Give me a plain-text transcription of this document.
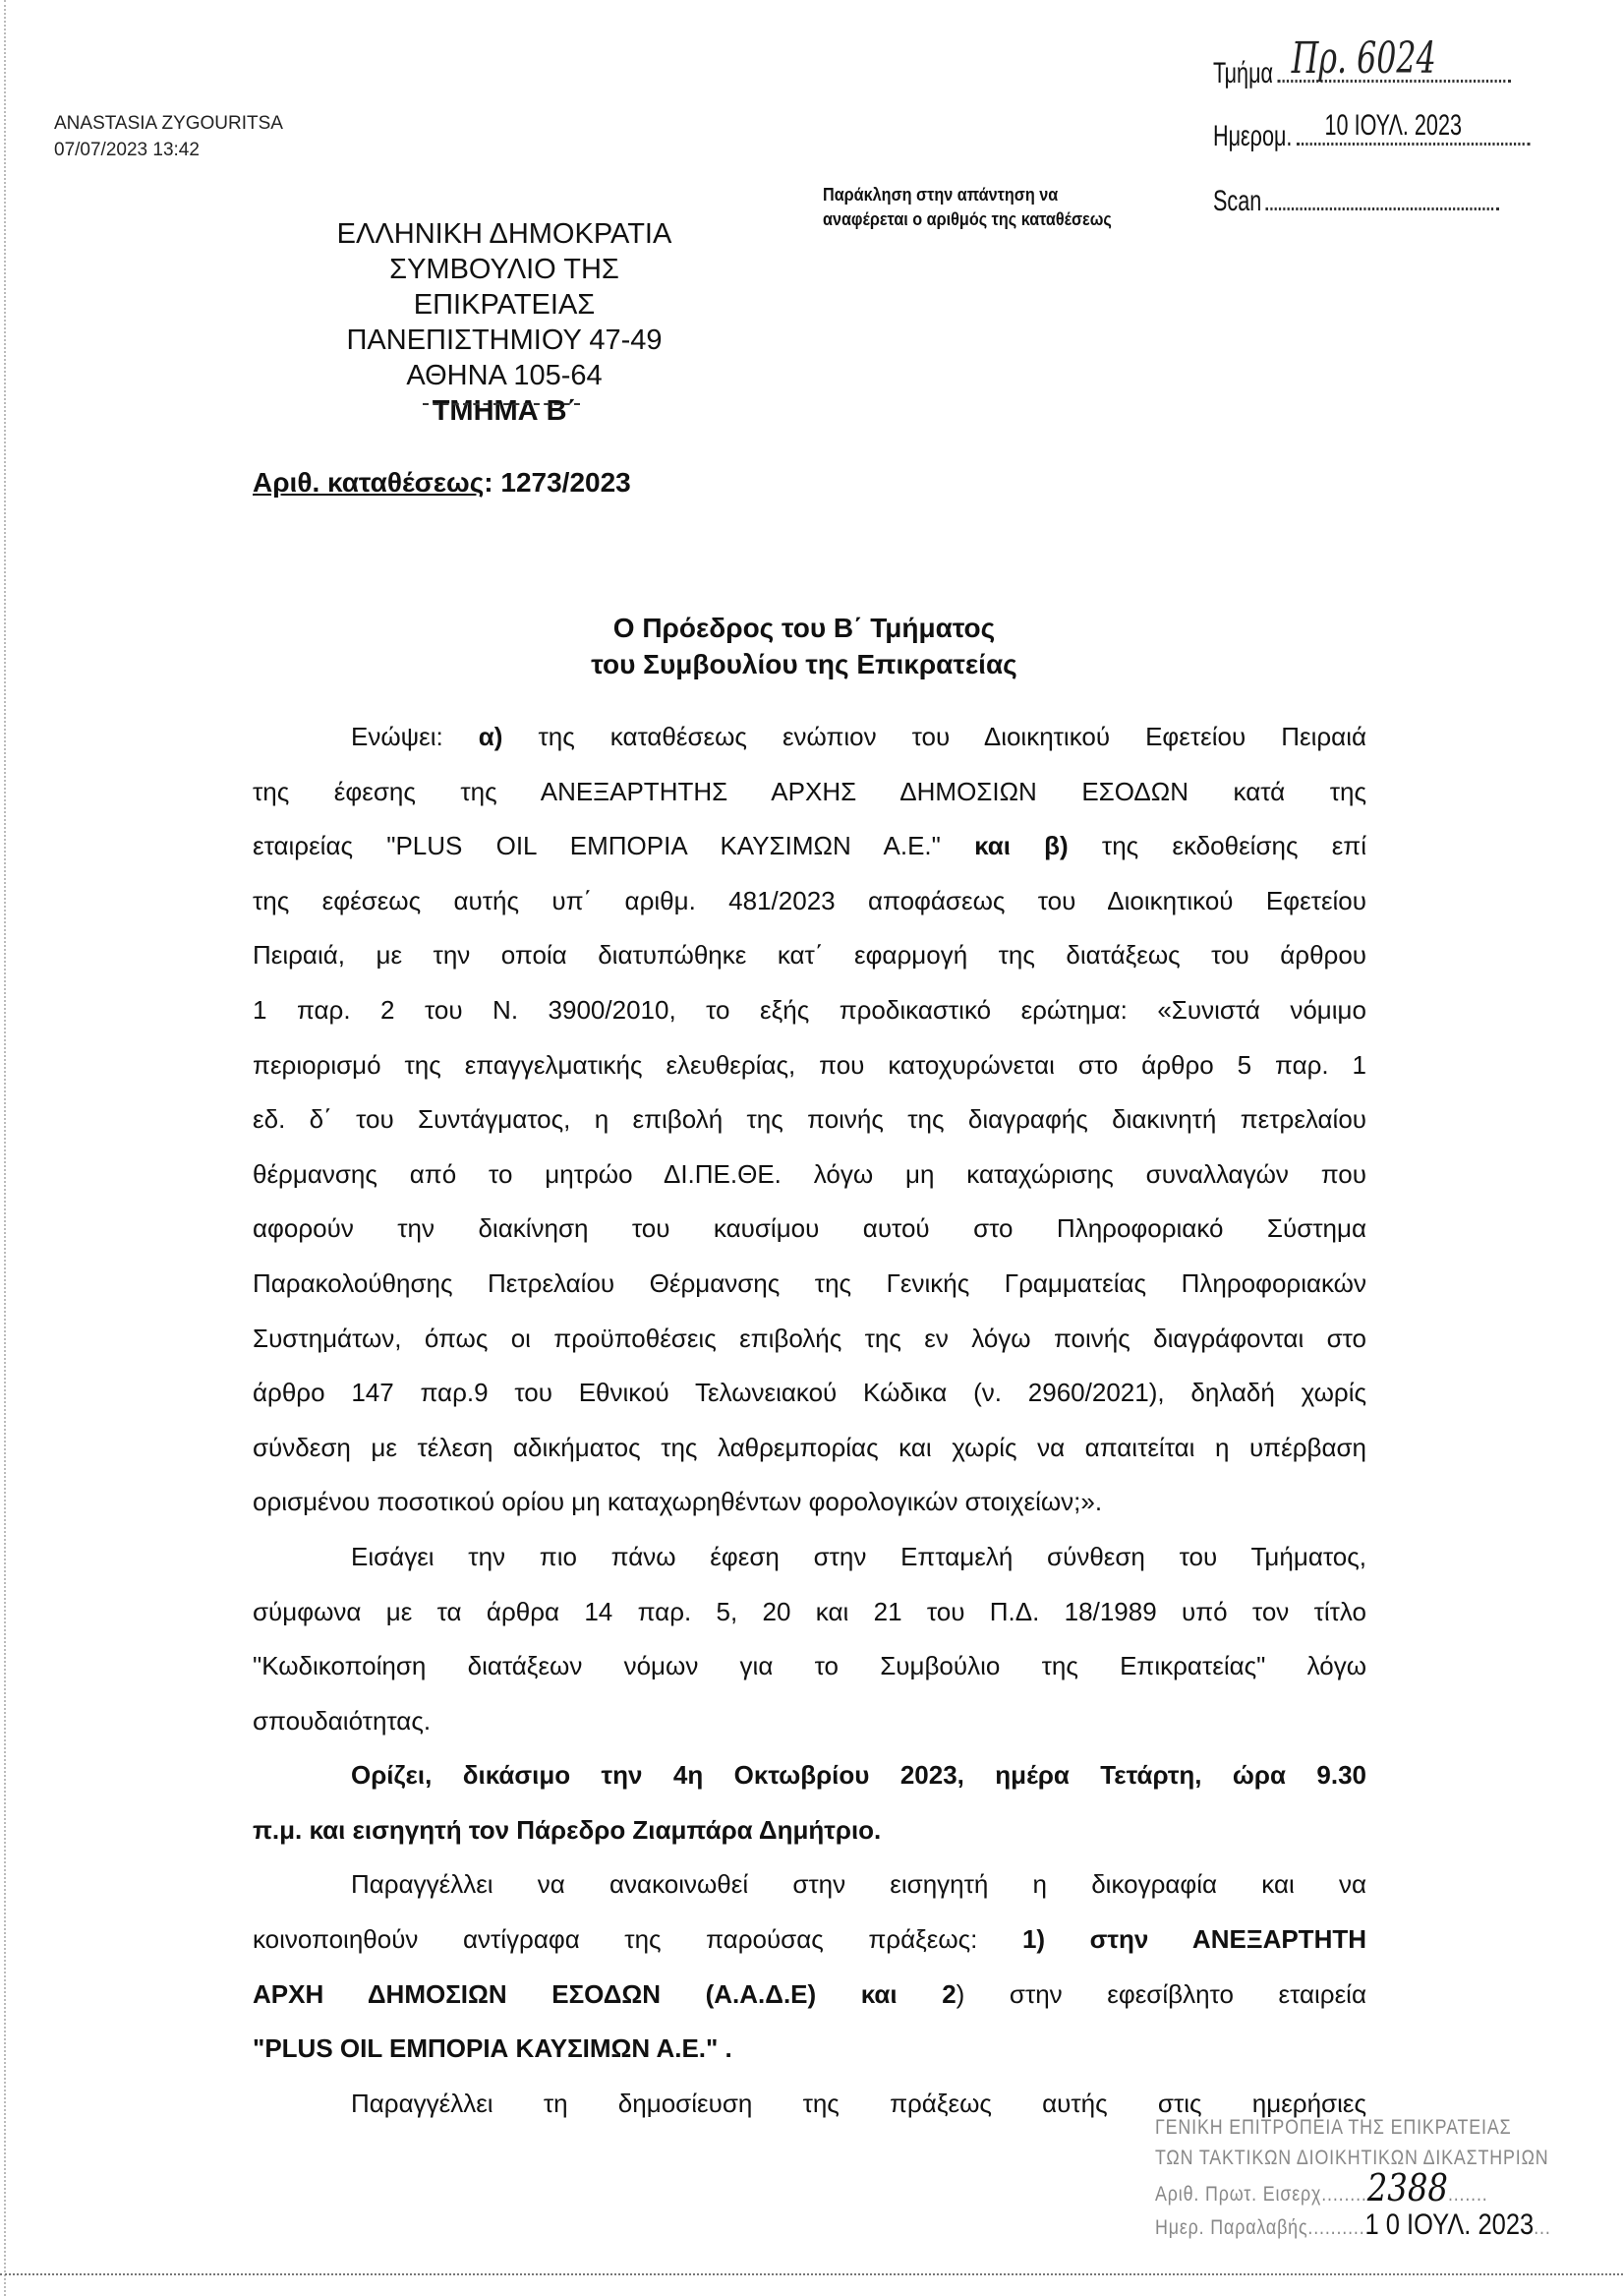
ANASTASIA ZYGOURITSA
07/07/2023 13:42
Παράκληση στην απάντηση να
αναφέρεται ο αριθμός της καταθέσεως
Τμήμα Πρ. 6024
Ημερομ. 10 ΙΟΥΛ. 2023
Scan
ΕΛΛΗΝΙΚΗ ΔΗΜΟΚΡΑΤΙΑ
ΣΥΜΒΟΥΛΙΟ ΤΗΣ ΕΠΙΚΡΑΤΕΙΑΣ
ΠΑΝΕΠΙΣΤΗΜΙΟΥ 47-49
ΑΘΗΝΑ 105-64
ΤΜΗΜΑ Β΄
Αριθ. καταθέσεως: 1273/2023
Ο Πρόεδρος του Β΄ Τμήματος
του Συμβουλίου της Επικρατείας
Ενώψει: α) της καταθέσεως ενώπιον του Διοικητικού Εφετείου Πειραιά
της έφεσης της ΑΝΕΞΑΡΤΗΤΗΣ ΑΡΧΗΣ ΔΗΜΟΣΙΩΝ ΕΣΟΔΩΝ κατά της
εταιρείας "PLUS OIL ΕΜΠΟΡΙΑ ΚΑΥΣΙΜΩΝ Α.Ε." και β) της εκδοθείσης επί
της εφέσεως αυτής υπ΄ αριθμ. 481/2023 αποφάσεως του Διοικητικού Εφετείου
Πειραιά, με την οποία διατυπώθηκε κατ΄ εφαρμογή της διατάξεως του άρθρου
1 παρ. 2 του Ν. 3900/2010, το εξής προδικαστικό ερώτημα: «Συνιστά νόμιμο
περιορισμό της επαγγελματικής ελευθερίας, που κατοχυρώνεται στο άρθρο 5 παρ. 1
εδ. δ΄ του Συντάγματος, η επιβολή της ποινής της διαγραφής διακινητή πετρελαίου
θέρμανσης από το μητρώο ΔΙ.ΠΕ.ΘΕ. λόγω μη καταχώρισης συναλλαγών που
αφορούν την διακίνηση του καυσίμου αυτού στο Πληροφοριακό Σύστημα
Παρακολούθησης Πετρελαίου Θέρμανσης της Γενικής Γραμματείας Πληροφοριακών
Συστημάτων, όπως οι προϋποθέσεις επιβολής της εν λόγω ποινής διαγράφονται στο
άρθρο 147 παρ.9 του Εθνικού Τελωνειακού Κώδικα (ν. 2960/2021), δηλαδή χωρίς
σύνδεση με τέλεση αδικήματος της λαθρεμπορίας και χωρίς να απαιτείται η υπέρβαση
ορισμένου ποσοτικού ορίου μη καταχωρηθέντων φορολογικών στοιχείων;».
Εισάγει την πιο πάνω έφεση στην Επταμελή σύνθεση του Τμήματος,
σύμφωνα με τα άρθρα 14 παρ. 5, 20 και 21 του Π.Δ. 18/1989 υπό τον τίτλο
"Κωδικοποίηση διατάξεων νόμων για το Συμβούλιο της Επικρατείας" λόγω
σπουδαιότητας.
Ορίζει, δικάσιμο την 4η Οκτωβρίου 2023, ημέρα Τετάρτη, ώρα 9.30
π.μ. και εισηγητή τον Πάρεδρο Ζιαμπάρα Δημήτριο.
Παραγγέλλει να ανακοινωθεί στην εισηγητή η δικογραφία και να
κοινοποιηθούν αντίγραφα της παρούσας πράξεως: 1) στην ΑΝΕΞΑΡΤΗΤΗ
ΑΡΧΗ ΔΗΜΟΣΙΩΝ ΕΣΟΔΩΝ (Α.Α.Δ.Ε) και 2) στην εφεσίβλητο εταιρεία
"PLUS OIL ΕΜΠΟΡΙΑ ΚΑΥΣΙΜΩΝ Α.Ε." .
Παραγγέλλει τη δημοσίευση της πράξεως αυτής στις ημερήσιες
ΓΕΝΙΚΗ ΕΠΙΤΡΟΠΕΙΑ ΤΗΣ ΕΠΙΚΡΑΤΕΙΑΣ
ΤΩΝ ΤΑΚΤΙΚΩΝ ΔΙΟΙΚΗΤΙΚΩΝ ΔΙΚΑΣΤΗΡΙΩΝ
Αριθ. Πρωτ. Εισερχ........2388.......
Ημερ. Παραλαβής..........1 0 ΙΟΥΛ. 2023...
